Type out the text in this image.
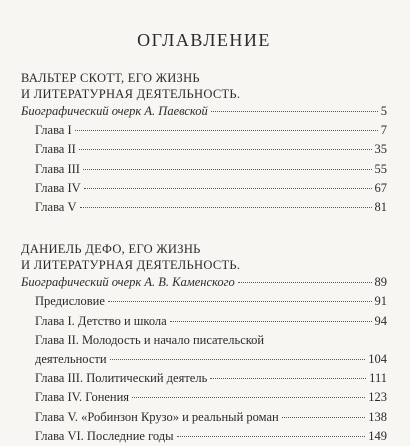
ОГЛАВЛЕНИЕ
ВАЛЬТЕР СКОТТ, ЕГО ЖИЗНЬ
И ЛИТЕРАТУРНАЯ ДЕЯТЕЛЬНОСТЬ.
Биографический очерк А. Паевской	5
Глава I	7
Глава II	35
Глава III	55
Глава IV	67
Глава V	81
ДАНИЕЛЬ ДЕФО, ЕГО ЖИЗНЬ
И ЛИТЕРАТУРНАЯ ДЕЯТЕЛЬНОСТЬ.
Биографический очерк А. В. Каменского	89
Предисловие	91
Глава I. Детство и школа	94
Глава II. Молодость и начало писательской
деятельности	104
Глава III. Политический деятель	111
Глава IV. Гонения	123
Глава V. «Робинзон Крузо» и реальный роман	138
Глава VI. Последние годы	149
